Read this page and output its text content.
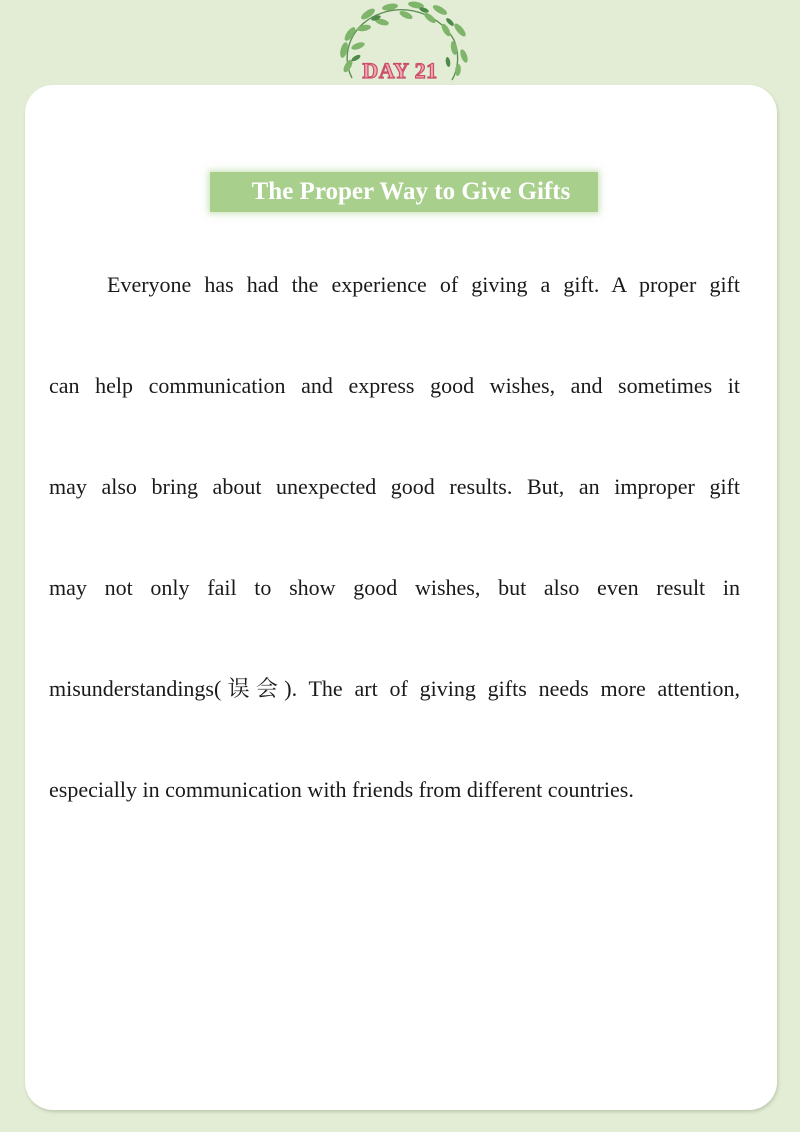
DAY 21
The Proper Way to Give Gifts
Everyone has had the experience of giving a gift. A proper gift
can help communication and express good wishes, and sometimes it
may also bring about unexpected good results. But, an improper gift
may not only fail to show good wishes, but also even result in
misunderstandings(误会). The art of giving gifts needs more attention,
especially in communication with friends from different countries.
